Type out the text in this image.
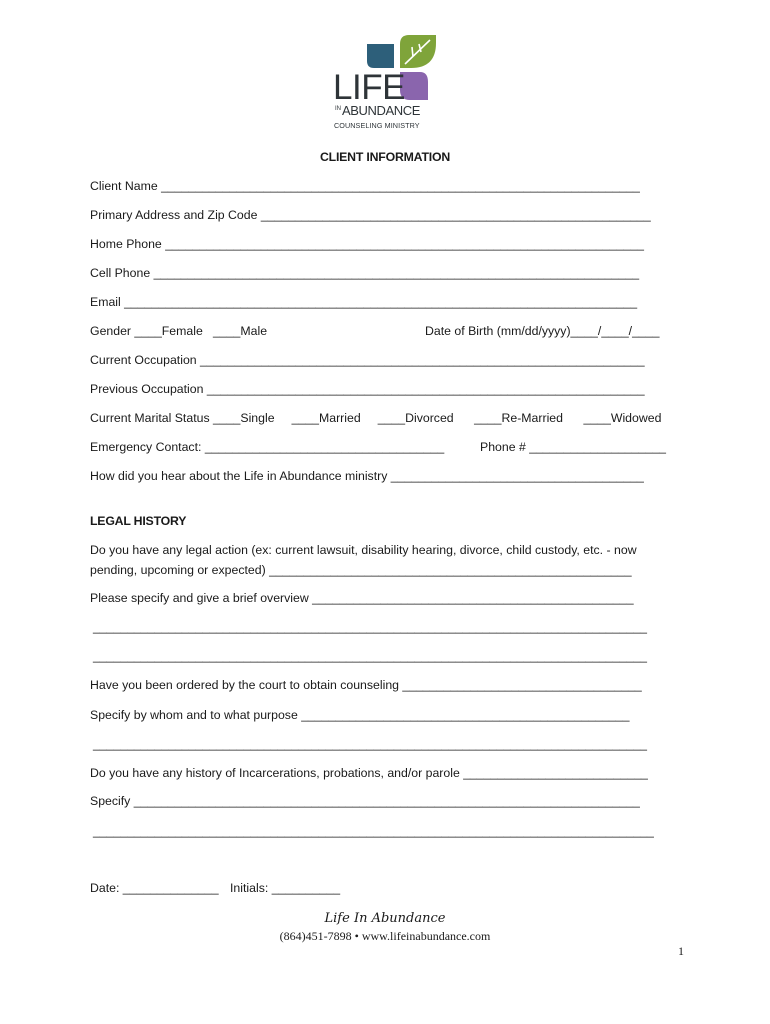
LIFE
IN ABUNDANCE
COUNSELING MINISTRY
CLIENT INFORMATION
Client Name ______________________________________________________________________
Primary Address and Zip Code _________________________________________________________
Home Phone ______________________________________________________________________
Cell Phone _______________________________________________________________________
Email ___________________________________________________________________________
Gender ____Female   ____Male	Date of Birth (mm/dd/yyyy)____/____/____
Current Occupation _________________________________________________________________
Previous Occupation ________________________________________________________________
Current Marital Status ____Single     ____Married     ____Divorced      ____Re-Married      ____Widowed
Emergency Contact: ___________________________________	Phone # ____________________
How did you hear about the Life in Abundance ministry _____________________________________
LEGAL HISTORY
Do you have any legal action (ex: current lawsuit, disability hearing, divorce, child custody, etc. - now
pending, upcoming or expected) _____________________________________________________
Please specify and give a brief overview _______________________________________________
_________________________________________________________________________________
_________________________________________________________________________________
Have you been ordered by the court to obtain counseling ___________________________________
Specify by whom and to what purpose ________________________________________________
_________________________________________________________________________________
Do you have any history of Incarcerations, probations, and/or parole ___________________________
Specify __________________________________________________________________________
__________________________________________________________________________________
Date: ______________ Initials: __________
Life In Abundance
(864)451-7898 • www.lifeinabundance.com
1
